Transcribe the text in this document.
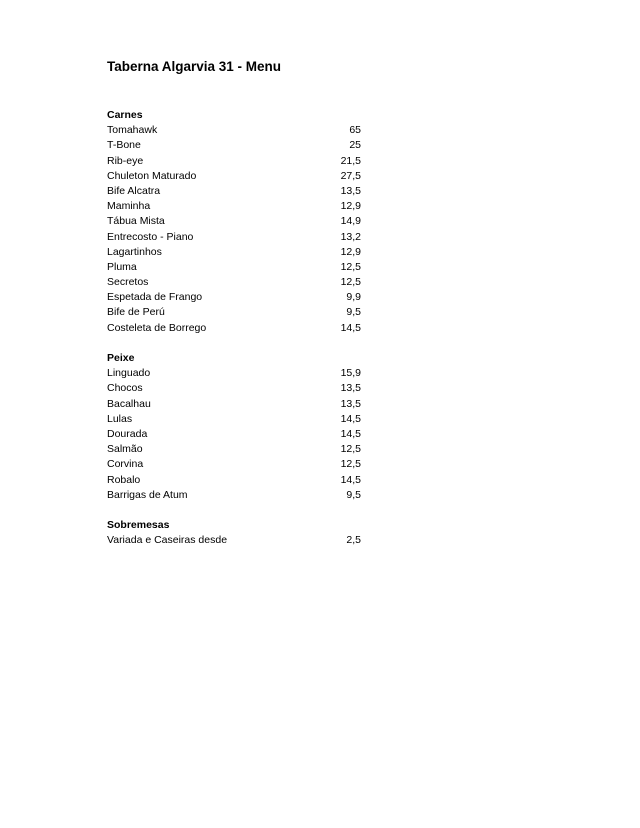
Taberna Algarvia 31 - Menu
Carnes
Tomahawk	65
T-Bone	25
Rib-eye	21,5
Chuleton Maturado	27,5
Bife Alcatra	13,5
Maminha	12,9
Tábua Mista	14,9
Entrecosto - Piano	13,2
Lagartinhos	12,9
Pluma	12,5
Secretos	12,5
Espetada de Frango	9,9
Bife de Perú	9,5
Costeleta de Borrego	14,5
Peixe
Linguado	15,9
Chocos	13,5
Bacalhau	13,5
Lulas	14,5
Dourada	14,5
Salmão	12,5
Corvina	12,5
Robalo	14,5
Barrigas de Atum	9,5
Sobremesas
Variada e Caseiras desde	2,5
